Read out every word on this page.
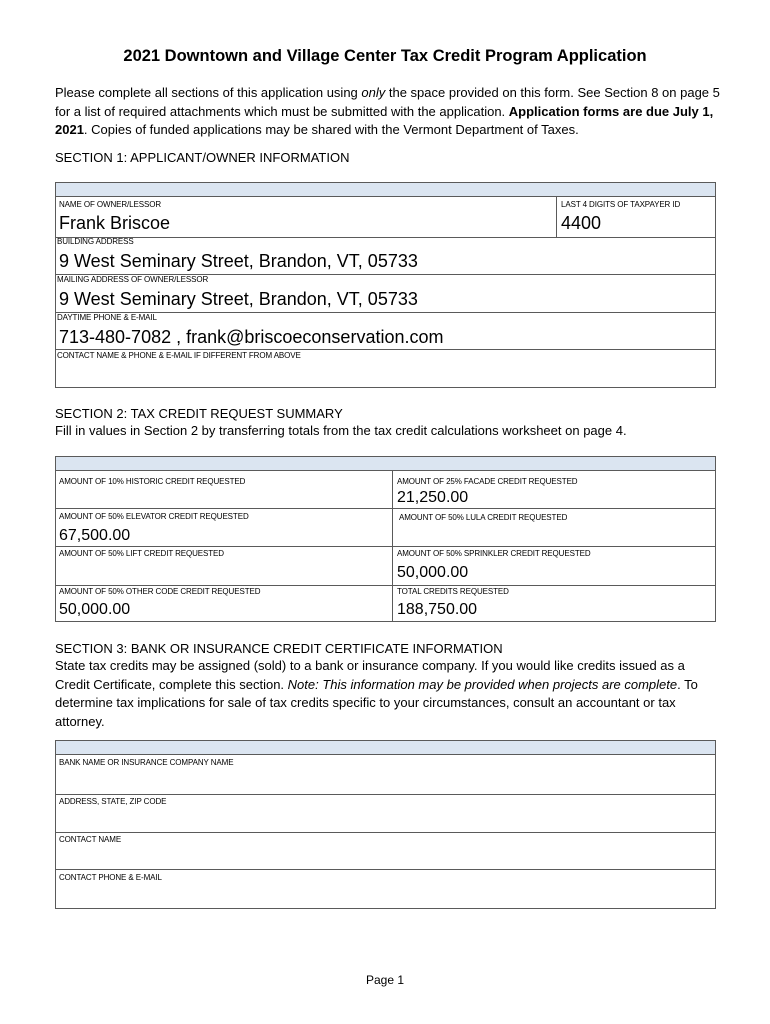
2021 Downtown and Village Center Tax Credit Program Application
Please complete all sections of this application using only the space provided on this form. See Section 8 on page 5 for a list of required attachments which must be submitted with the application. Application forms are due July 1, 2021. Copies of funded applications may be shared with the Vermont Department of Taxes.
SECTION 1: APPLICANT/OWNER INFORMATION
NAME OF OWNER/LESSOR
Frank Briscoe
LAST 4 DIGITS OF TAXPAYER ID
4400
BUILDING ADDRESS
9 West Seminary Street, Brandon, VT, 05733
MAILING ADDRESS OF OWNER/LESSOR
9 West Seminary Street, Brandon, VT, 05733
DAYTIME PHONE & E-MAIL
713-480-7082 , frank@briscoeconservation.com
CONTACT NAME & PHONE & E-MAIL IF DIFFERENT FROM ABOVE
SECTION 2: TAX CREDIT REQUEST SUMMARY
Fill in values in Section 2 by transferring totals from the tax credit calculations worksheet on page 4.
AMOUNT OF 10% HISTORIC CREDIT REQUESTED	AMOUNT OF 25% FACADE CREDIT REQUESTED
21,250.00
AMOUNT OF 50% ELEVATOR CREDIT REQUESTED
67,500.00
AMOUNT OF 50% LULA CREDIT REQUESTED
AMOUNT OF 50% LIFT CREDIT REQUESTED	AMOUNT OF 50% SPRINKLER CREDIT REQUESTED
50,000.00
AMOUNT OF 50% OTHER CODE CREDIT REQUESTED
50,000.00
TOTAL CREDITS REQUESTED
188,750.00
SECTION 3: BANK OR INSURANCE CREDIT CERTIFICATE INFORMATION
State tax credits may be assigned (sold) to a bank or insurance company. If you would like credits issued as a Credit Certificate, complete this section. Note: This information may be provided when projects are complete. To determine tax implications for sale of tax credits specific to your circumstances, consult an accountant or tax attorney.
BANK NAME OR INSURANCE COMPANY NAME
ADDRESS, STATE, ZIP CODE
CONTACT NAME
CONTACT PHONE & E-MAIL
Page 1
